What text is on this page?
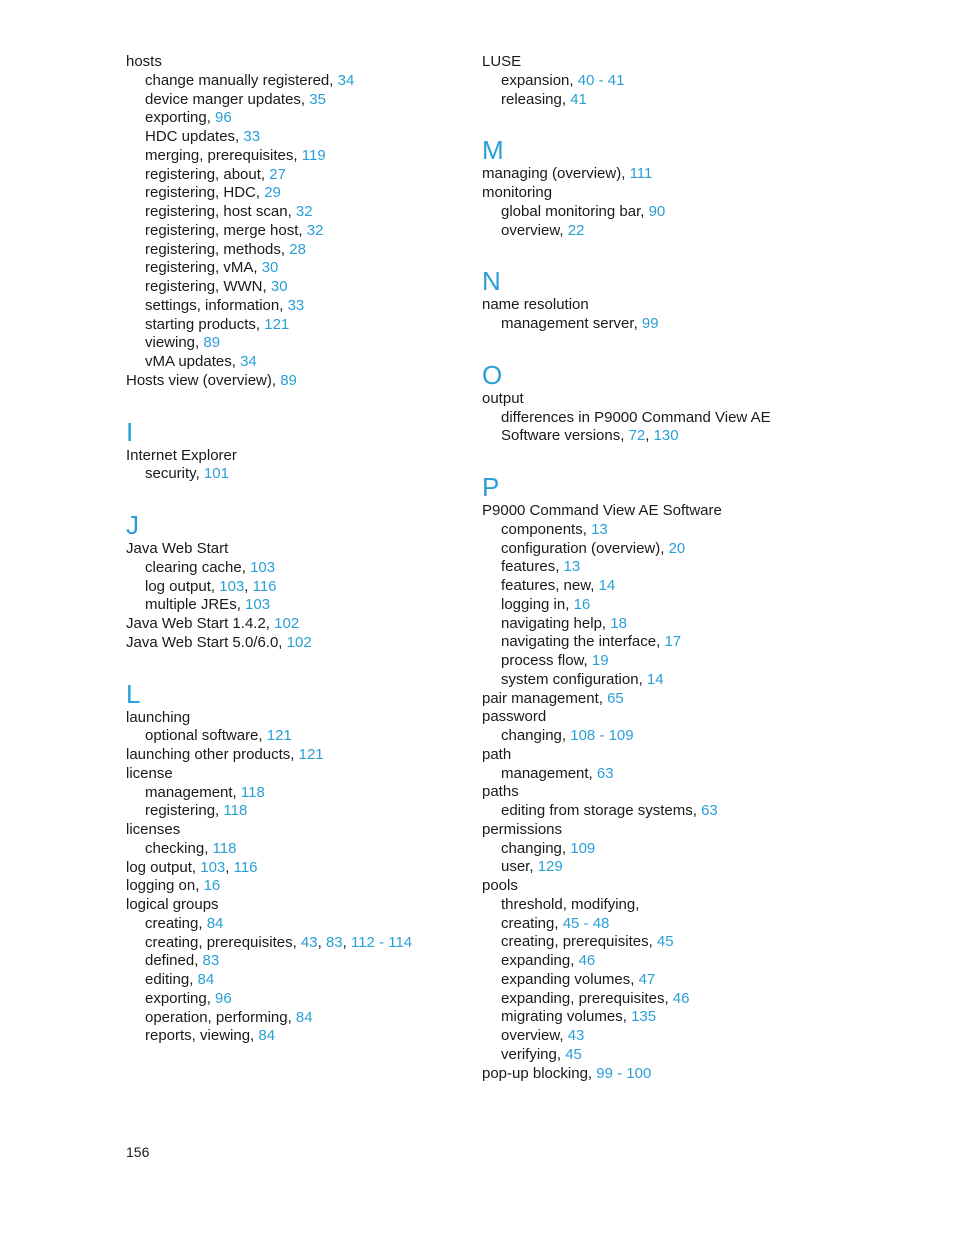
hosts
change manually registered, 34
device manger updates, 35
exporting, 96
HDC updates, 33
merging, prerequisites, 119
registering, about, 27
registering, HDC, 29
registering, host scan, 32
registering, merge host, 32
registering, methods, 28
registering, vMA, 30
registering, WWN, 30
settings, information, 33
starting products, 121
viewing, 89
vMA updates, 34
Hosts view (overview), 89
I
Internet Explorer
security, 101
J
Java Web Start
clearing cache, 103
log output, 103, 116
multiple JREs, 103
Java Web Start 1.4.2, 102
Java Web Start 5.0/6.0, 102
L
launching
optional software, 121
launching other products, 121
license
management, 118
registering, 118
licenses
checking, 118
log output, 103, 116
logging on, 16
logical groups
creating, 84
creating, prerequisites, 43, 83, 112 - 114
defined, 83
editing, 84
exporting, 96
operation, performing, 84
reports, viewing, 84
LUSE
expansion, 40 - 41
releasing, 41
M
managing (overview), 111
monitoring
global monitoring bar, 90
overview, 22
N
name resolution
management server, 99
O
output
differences in P9000 Command View AE
Software versions, 72, 130
P
P9000 Command View AE Software
components, 13
configuration (overview), 20
features, 13
features, new, 14
logging in, 16
navigating help, 18
navigating the interface, 17
process flow, 19
system configuration, 14
pair management, 65
password
changing, 108 - 109
path
management, 63
paths
editing from storage systems, 63
permissions
changing, 109
user, 129
pools
threshold, modifying,
creating, 45 - 48
creating, prerequisites, 45
expanding, 46
expanding volumes, 47
expanding, prerequisites, 46
migrating volumes, 135
overview, 43
verifying, 45
pop-up blocking, 99 - 100
156
